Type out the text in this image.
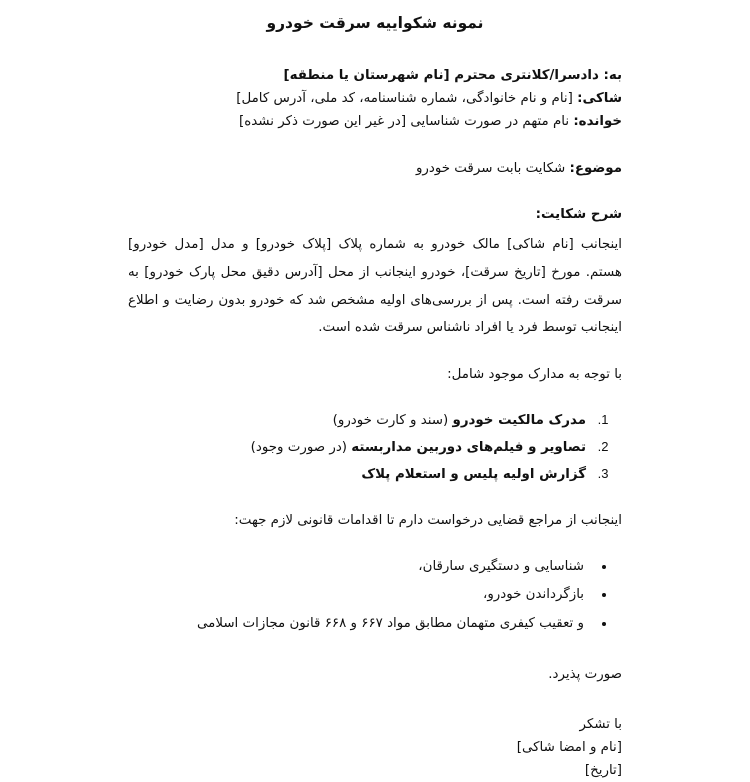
نمونه شکواییه سرقت خودرو

به: دادسرا/کلانتری محترم [نام شهرستان یا منطقه]

شاکی: [نام و نام خانوادگی، شماره شناسنامه، کد ملی، آدرس کامل]

خوانده: نام متهم در صورت شناسایی [در غیر این صورت ذکر نشده]

موضوع: شکایت بابت سرقت خودرو
شرح شکایت:

اینجانب [نام شاکی] مالک خودرو به شماره پلاک [پلاک خودرو] و مدل [مدل خودرو] هستم. مورخ [تاریخ سرقت]، خودرو اینجانب از محل [آدرس دقیق محل پارک خودرو] به سرقت رفته است. پس از بررسی‌های اولیه مشخص شد که خودرو بدون رضایت و اطلاع اینجانب توسط فرد یا افراد ناشناس سرقت شده است.

با توجه به مدارک موجود شامل:

1. مدرک مالکیت خودرو (سند و کارت خودرو)
2. تصاویر و فیلم‌های دوربین مداربسته (در صورت وجود)
3. گزارش اولیه پلیس و استعلام پلاک

اینجانب از مراجع قضایی درخواست دارم تا اقدامات قانونی لازم جهت:

• شناسایی و دستگیری سارقان،
• بازگرداندن خودرو،
• و تعقیب کیفری متهمان مطابق مواد ۶۶۷ و ۶۶۸ قانون مجازات اسلامی

صورت پذیرد.

با تشکر

[نام و امضا شاکی]

[تاریخ]
